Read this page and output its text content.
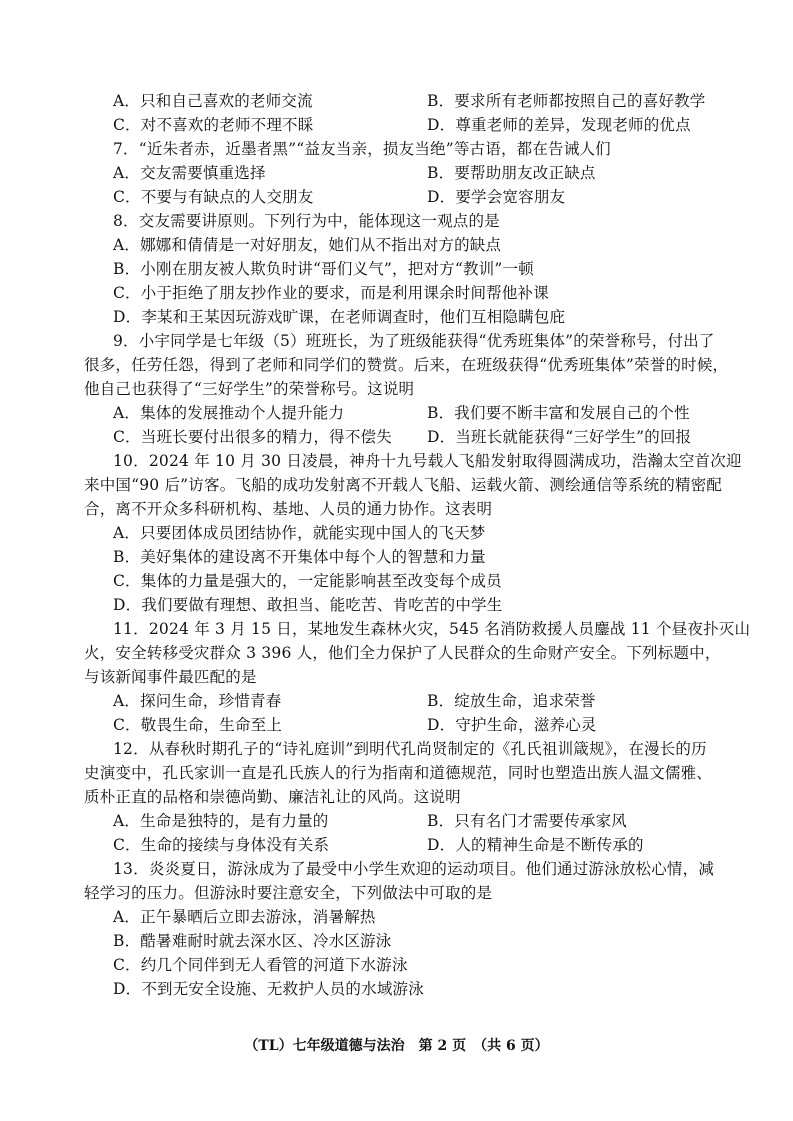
A．只和自己喜欢的老师交流	B．要求所有老师都按照自己的喜好教学
C．对不喜欢的老师不理不睬	D．尊重老师的差异，发现老师的优点
7．“近朱者赤，近墨者黑”“益友当亲，损友当绝”等古语，都在告诫人们
A．交友需要慎重选择	B．要帮助朋友改正缺点
C．不要与有缺点的人交朋友	D．要学会宽容朋友
8．交友需要讲原则。下列行为中，能体现这一观点的是
A．娜娜和倩倩是一对好朋友，她们从不指出对方的缺点
B．小刚在朋友被人欺负时讲“哥们义气”，把对方“教训”一顿
C．小于拒绝了朋友抄作业的要求，而是利用课余时间帮他补课
D．李某和王某因玩游戏旷课，在老师调查时，他们互相隐瞒包庇
9．小宇同学是七年级（5）班班长，为了班级能获得“优秀班集体”的荣誉称号，付出了
很多，任劳任怨，得到了老师和同学们的赞赏。后来，在班级获得“优秀班集体”荣誉的时候，
他自己也获得了“三好学生”的荣誉称号。这说明
A．集体的发展推动个人提升能力	B．我们要不断丰富和发展自己的个性
C．当班长要付出很多的精力，得不偿失 D．当班长就能获得“三好学生”的回报
10．2024 年 10 月 30 日凌晨，神舟十九号载人飞船发射取得圆满成功，浩瀚太空首次迎
来中国“90 后”访客。飞船的成功发射离不开载人飞船、运载火箭、测绘通信等系统的精密配
合，离不开众多科研机构、基地、人员的通力协作。这表明
A．只要团体成员团结协作，就能实现中国人的飞天梦
B．美好集体的建设离不开集体中每个人的智慧和力量
C．集体的力量是强大的，一定能影响甚至改变每个成员
D．我们要做有理想、敢担当、能吃苦、肯吃苦的中学生
11．2024 年 3 月 15 日，某地发生森林火灾，545 名消防救援人员鏖战 11 个昼夜扑灭山
火，安全转移受灾群众 3 396 人，他们全力保护了人民群众的生命财产安全。下列标题中，
与该新闻事件最匹配的是
A．探问生命，珍惜青春	B．绽放生命，追求荣誉
C．敬畏生命，生命至上	D．守护生命，滋养心灵
12．从春秋时期孔子的“诗礼庭训”到明代孔尚贤制定的《孔氏祖训箴规》，在漫长的历
史演变中，孔氏家训一直是孔氏族人的行为指南和道德规范，同时也塑造出族人温文儒雅、
质朴正直的品格和崇德尚勤、廉洁礼让的风尚。这说明
A．生命是独特的，是有力量的	B．只有名门才需要传承家风
C．生命的接续与身体没有关系	D．人的精神生命是不断传承的
13．炎炎夏日，游泳成为了最受中小学生欢迎的运动项目。他们通过游泳放松心情，减
轻学习的压力。但游泳时要注意安全，下列做法中可取的是
A．正午暴晒后立即去游泳，消暑解热
B．酷暑难耐时就去深水区、冷水区游泳
C．约几个同伴到无人看管的河道下水游泳
D．不到无安全设施、无救护人员的水域游泳
（TL）七年级道德与法治　第 2 页　（共 6 页）
